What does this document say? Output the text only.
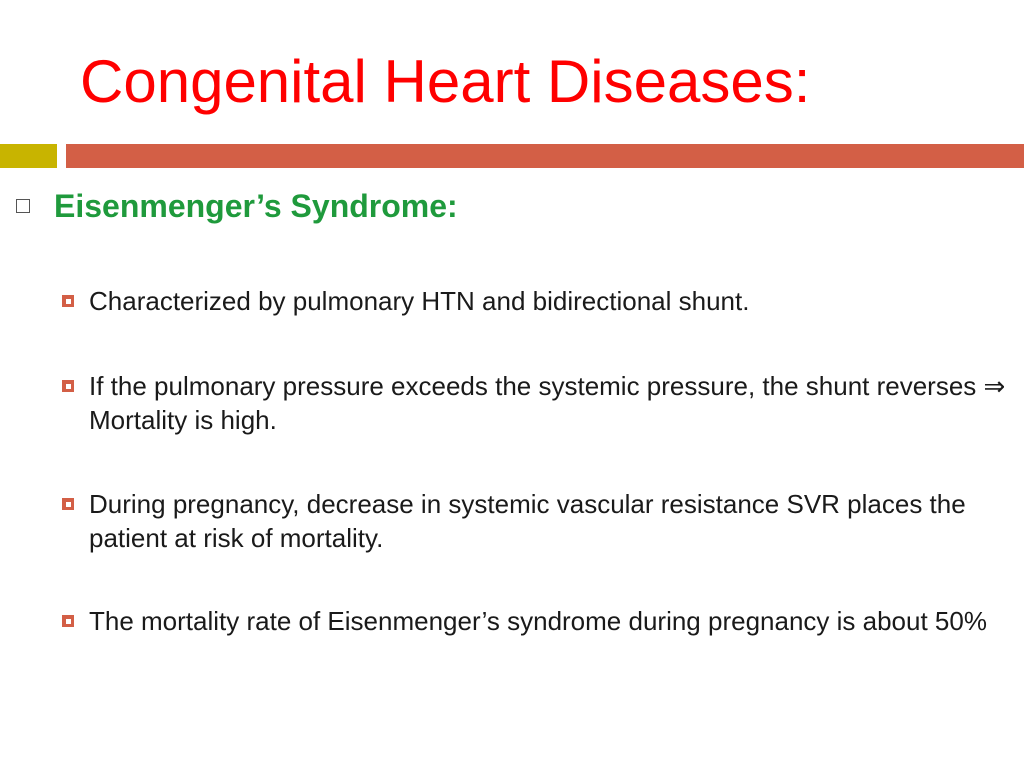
Congenital Heart Diseases:
Eisenmenger’s Syndrome:
Characterized by pulmonary HTN and bidirectional shunt.
If the pulmonary pressure exceeds the systemic pressure, the shunt reverses ⇒ Mortality is high.
During pregnancy, decrease in systemic vascular resistance SVR places the patient at risk of mortality.
The mortality rate of Eisenmenger’s syndrome during pregnancy is about 50%
